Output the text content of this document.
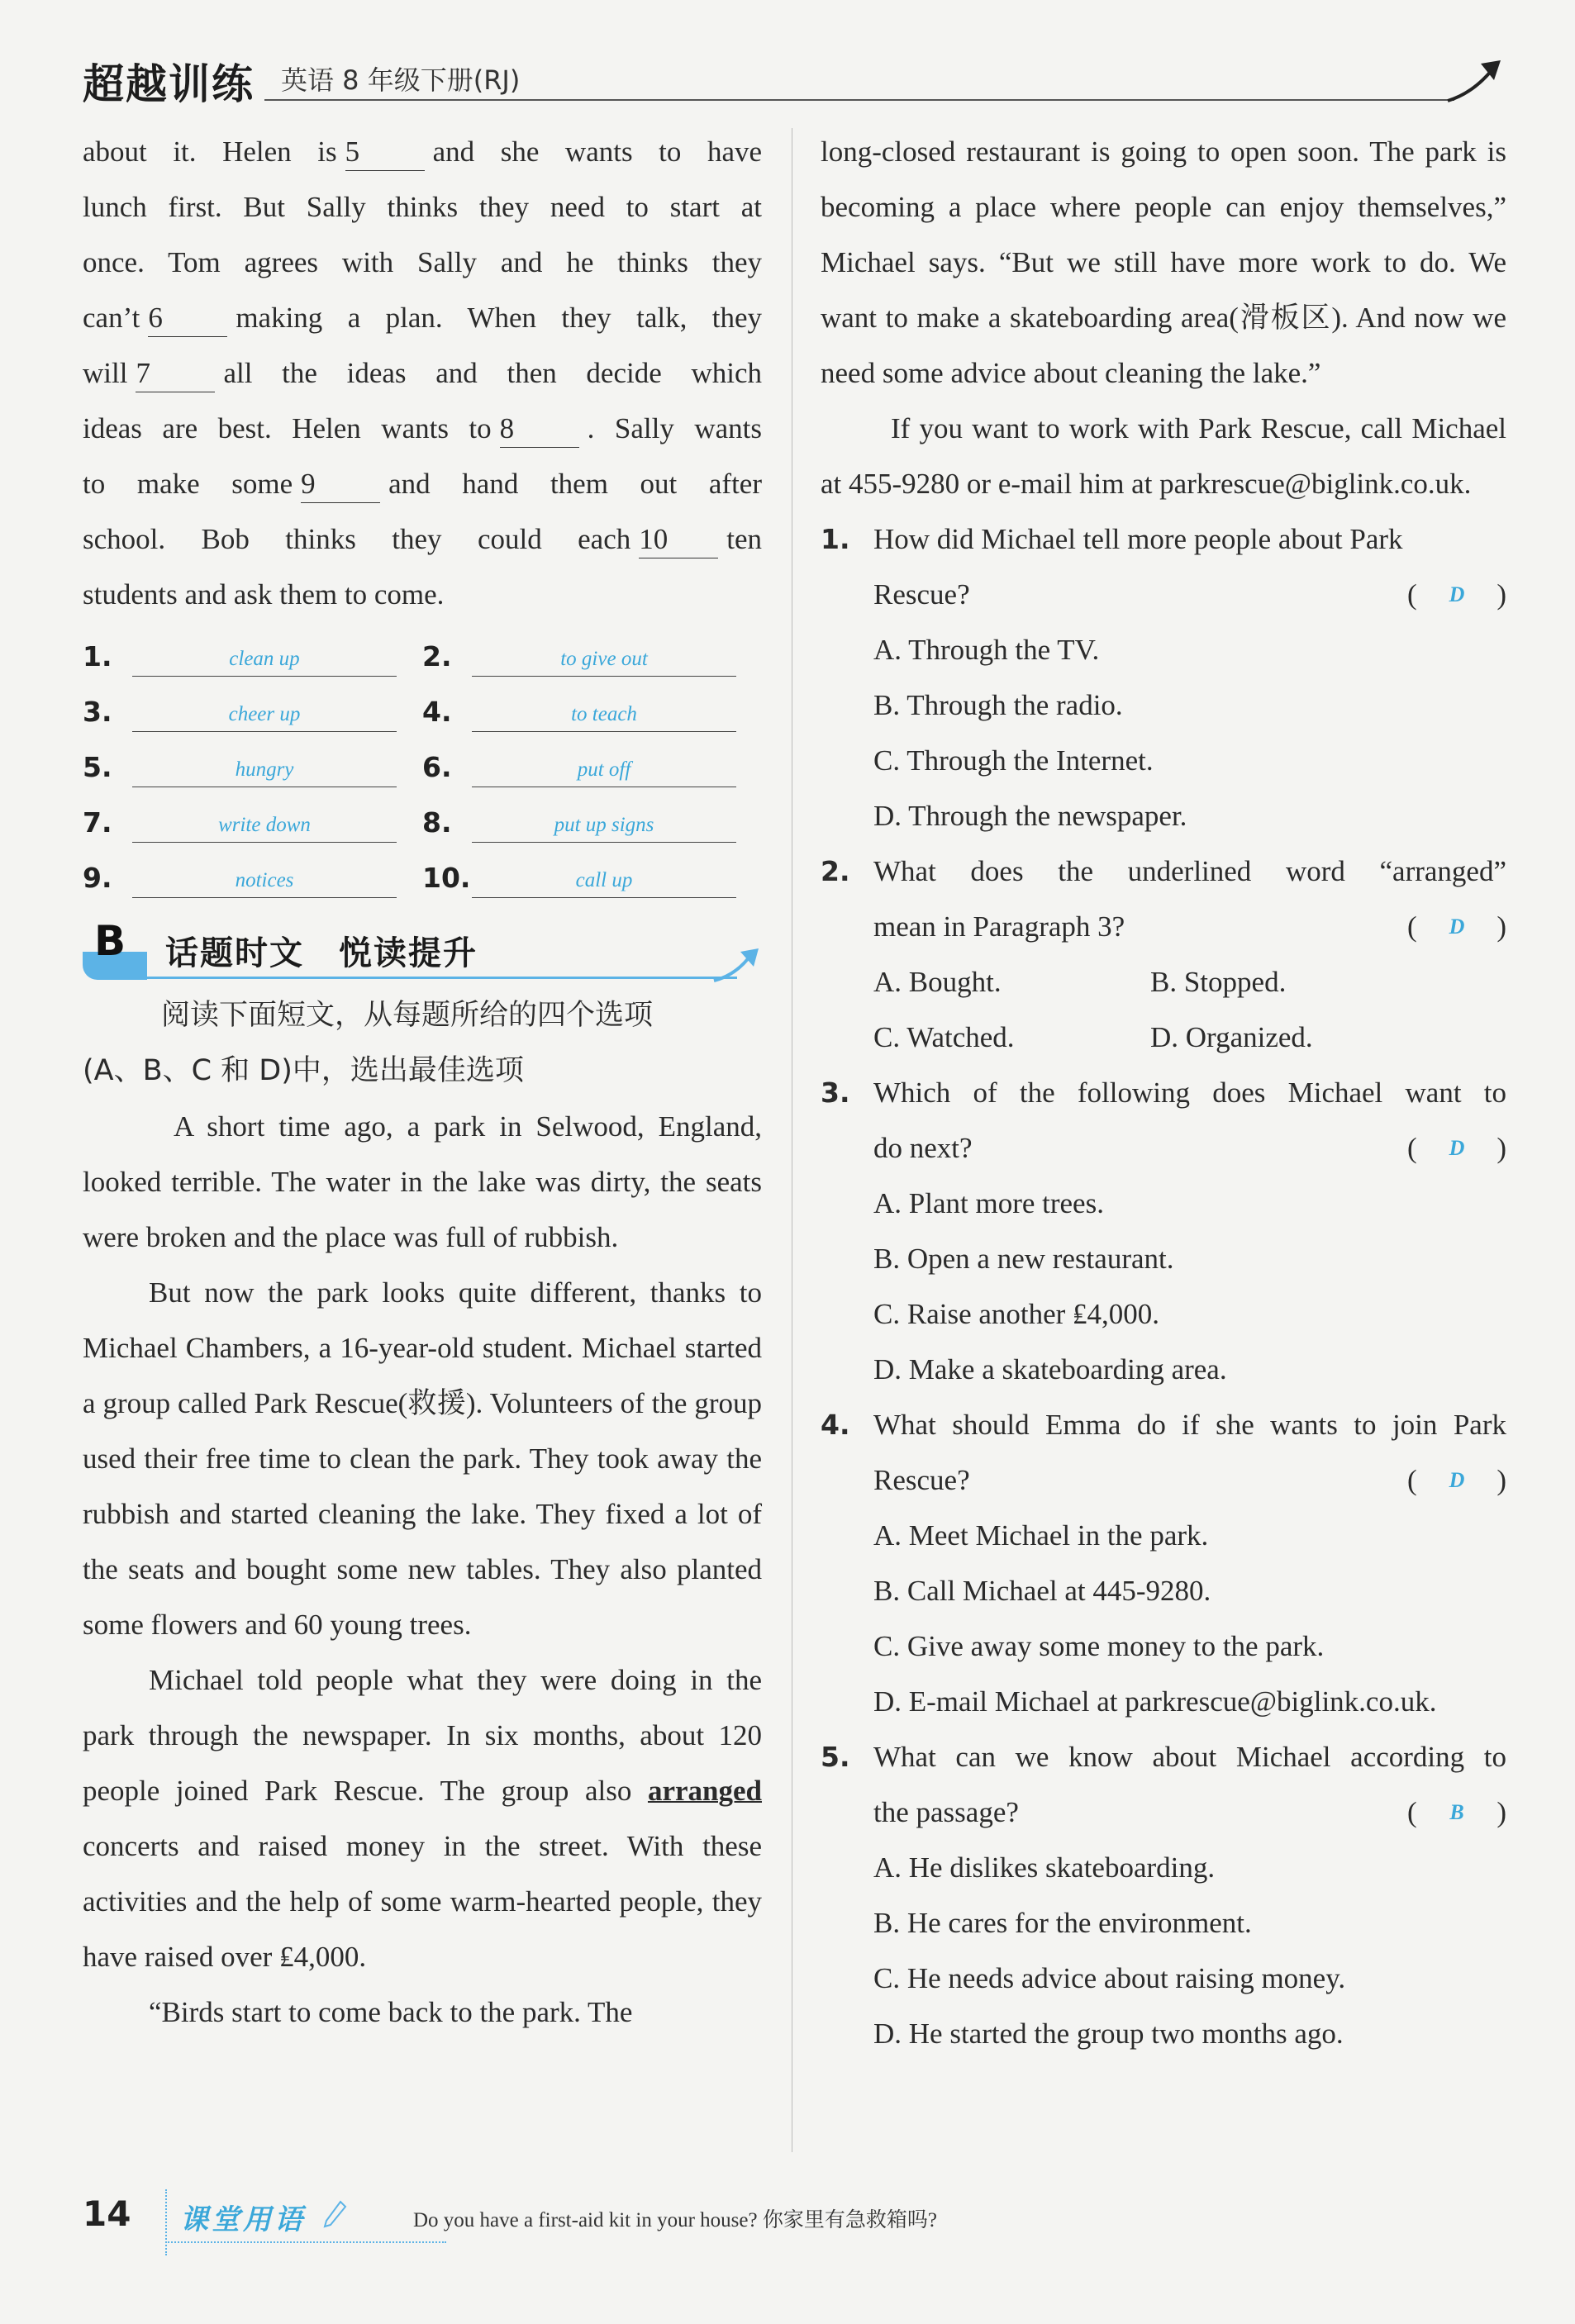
超越训练 英语 8 年级下册(RJ)

about it. Helen is 5	and she wants to have

lunch first. But Sally thinks they need to start at

once. Tom agrees with Sally and he thinks they

can’t 6	making a plan. When they talk, they

will 7	all the ideas and then decide which

ideas are best. Helen wants to 8	. Sally wants

to make some 9	and hand them out after

school. Bob thinks they could each 10 ten

students and ask them to come.

1.	clean up	2.	to give out
3.	cheer up	4.	to teach
5.	hungry	6.	put off
7.	write down	8.	put up signs
9.	notices	10.	call up
B 话题时文　悦读提升

阅读下面短文，从每题所给的四个选项

(A、B、C 和 D)中，选出最佳选项

A short time ago, a park in Selwood, England, looked terrible. The water in the lake was dirty, the seats were broken and the place was full of rubbish.

But now the park looks quite different, thanks to Michael Chambers, a 16-year-old student. Michael started a group called Park Rescue(救援). Volunteers of the group used their free time to clean the park. They took away the rubbish and started cleaning the lake. They fixed a lot of the seats and bought some new tables. They also planted some flowers and 60 young trees.

Michael told people what they were doing in the park through the newspaper. In six months, about 120 people joined Park Rescue. The group also arranged concerts and raised money in the street. With these activities and the help of some warm-hearted people, they have raised over ₤4,000.

“Birds start to come back to the park. The

long-closed restaurant is going to open soon. The park is becoming a place where people can enjoy themselves,” Michael says. “But we still have more work to do. We want to make a skateboarding area(滑板区). And now we need some advice about cleaning the lake.”

If you want to work with Park Rescue, call Michael at 455-9280 or e-mail him at parkrescue@biglink.co.uk.

1. How did Michael tell more people about Park
Rescue?	( D )
A. Through the TV.
B. Through the radio.
C. Through the Internet.
D. Through the newspaper.
2. What does the underlined word “arranged”
mean in Paragraph 3?	( D )
A. Bought.	B. Stopped.
C. Watched.	D. Organized.
3. Which of the following does Michael want to
do next?	( D )
A. Plant more trees.
B. Open a new restaurant.
C. Raise another ₤4,000.
D. Make a skateboarding area.
4. What should Emma do if she wants to join Park
Rescue?	( D )
A. Meet Michael in the park.
B. Call Michael at 445-9280.
C. Give away some money to the park.
D. E-mail Michael at parkrescue@biglink.co.uk.
5. What can we know about Michael according to
the passage?	( B )
A. He dislikes skateboarding.
B. He cares for the environment.
C. He needs advice about raising money.
D. He started the group two months ago.
14 课堂用语	Do you have a first-aid kit in your house? 你家里有急救箱吗?
